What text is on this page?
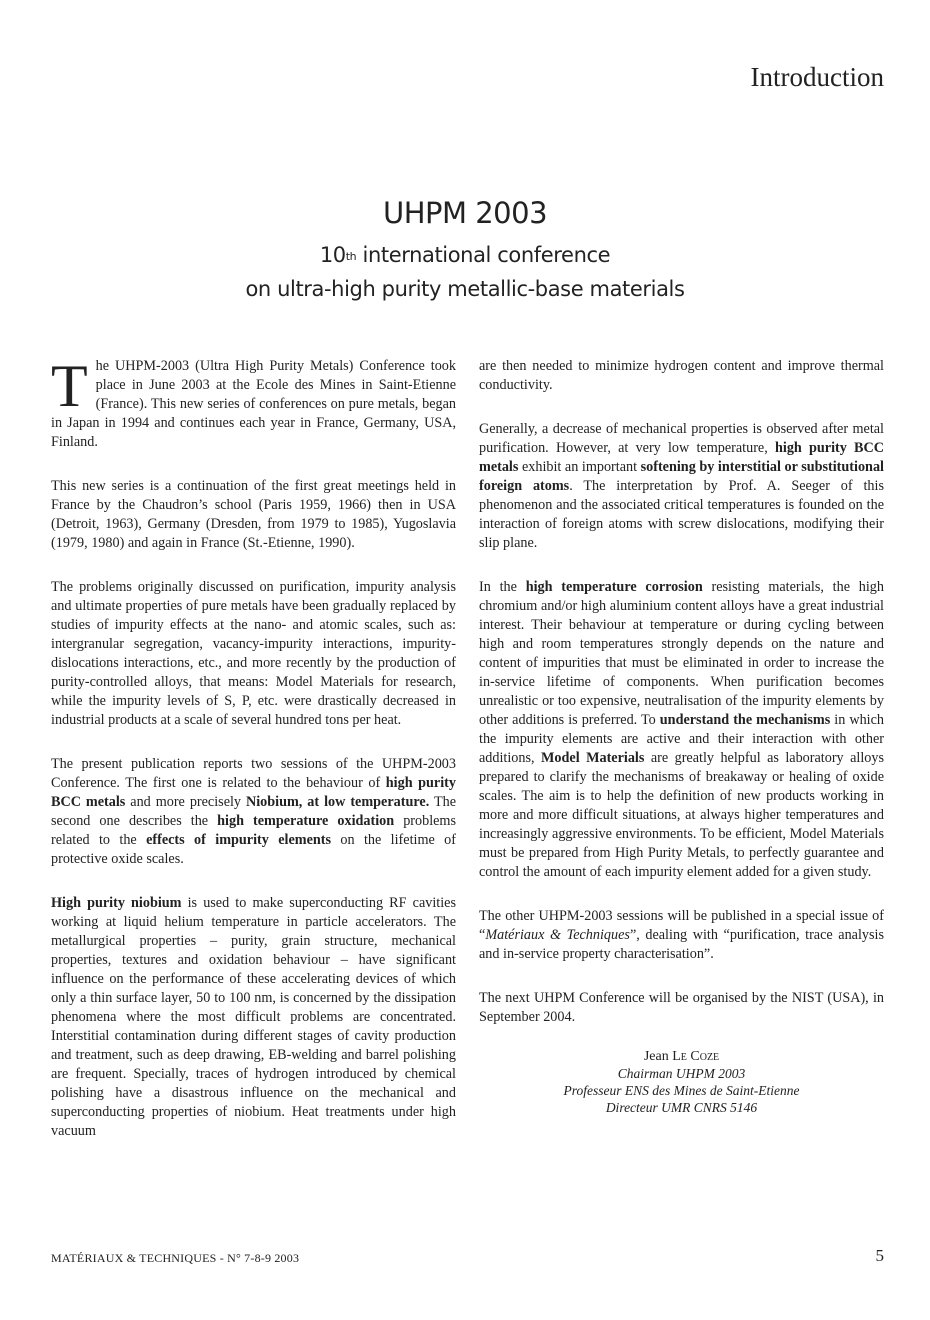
Introduction
UHPM 2003
10th international conference
on ultra-high purity metallic-base materials

The UHPM-2003 (Ultra High Purity Metals) Conference took place in June 2003 at the Ecole des Mines in Saint-Etienne (France). This new series of conferences on pure metals, began in Japan in 1994 and continues each year in France, Germany, USA, Finland.

This new series is a continuation of the first great meetings held in France by the Chaudron’s school (Paris 1959, 1966) then in USA (Detroit, 1963), Germany (Dresden, from 1979 to 1985), Yugoslavia (1979, 1980) and again in France (St.-Etienne, 1990).

The problems originally discussed on purification, impurity analysis and ultimate properties of pure metals have been gradually replaced by studies of impurity effects at the nano- and atomic scales, such as: intergranular segregation, vacancy-impurity interactions, impurity-dislocations interactions, etc., and more recently by the production of purity-controlled alloys, that means: Model Materials for research, while the impurity levels of S, P, etc. were drastically decreased in industrial products at a scale of several hundred tons per heat.

The present publication reports two sessions of the UHPM-2003 Conference. The first one is related to the behaviour of high purity BCC metals and more precisely Niobium, at low temperature. The second one describes the high temperature oxidation problems related to the effects of impurity elements on the lifetime of protective oxide scales.

High purity niobium is used to make superconducting RF cavities working at liquid helium temperature in particle accelerators. The metallurgical properties – purity, grain structure, mechanical properties, textures and oxidation behaviour – have significant influence on the performance of these accelerating devices of which only a thin surface layer, 50 to 100 nm, is concerned by the dissipation phenomena where the most difficult problems are concentrated. Interstitial contamination during different stages of cavity production and treatment, such as deep drawing, EB-welding and barrel polishing are frequent. Specially, traces of hydrogen introduced by chemical polishing have a disastrous influence on the mechanical and superconducting properties of niobium. Heat treatments under high vacuum

are then needed to minimize hydrogen content and improve thermal conductivity.

Generally, a decrease of mechanical properties is observed after metal purification. However, at very low temperature, high purity BCC metals exhibit an important softening by interstitial or substitutional foreign atoms. The interpretation by Prof. A. Seeger of this phenomenon and the associated critical temperatures is founded on the interaction of foreign atoms with screw dislocations, modifying their slip plane.

In the high temperature corrosion resisting materials, the high chromium and/or high aluminium content alloys have a great industrial interest. Their behaviour at temperature or during cycling between high and room temperatures strongly depends on the nature and content of impurities that must be eliminated in order to increase the in-service lifetime of components. When purification becomes unrealistic or too expensive, neutralisation of the impurity elements by other additions is preferred. To understand the mechanisms in which the impurity elements are active and their interaction with other additions, Model Materials are greatly helpful as laboratory alloys prepared to clarify the mechanisms of breakaway or healing of oxide scales. The aim is to help the definition of new products working in more and more difficult situations, at always higher temperatures and increasingly aggressive environments. To be efficient, Model Materials must be prepared from High Purity Metals, to perfectly guarantee and control the amount of each impurity element added for a given study.

The other UHPM-2003 sessions will be published in a special issue of “Matériaux & Techniques”, dealing with “purification, trace analysis and in-service property characterisation”.

The next UHPM Conference will be organised by the NIST (USA), in September 2004.

Jean Le Coze
Chairman UHPM 2003
Professeur ENS des Mines de Saint-Etienne
Directeur UMR CNRS 5146
MATÉRIAUX & TECHNIQUES - N° 7-8-9 2003	5
